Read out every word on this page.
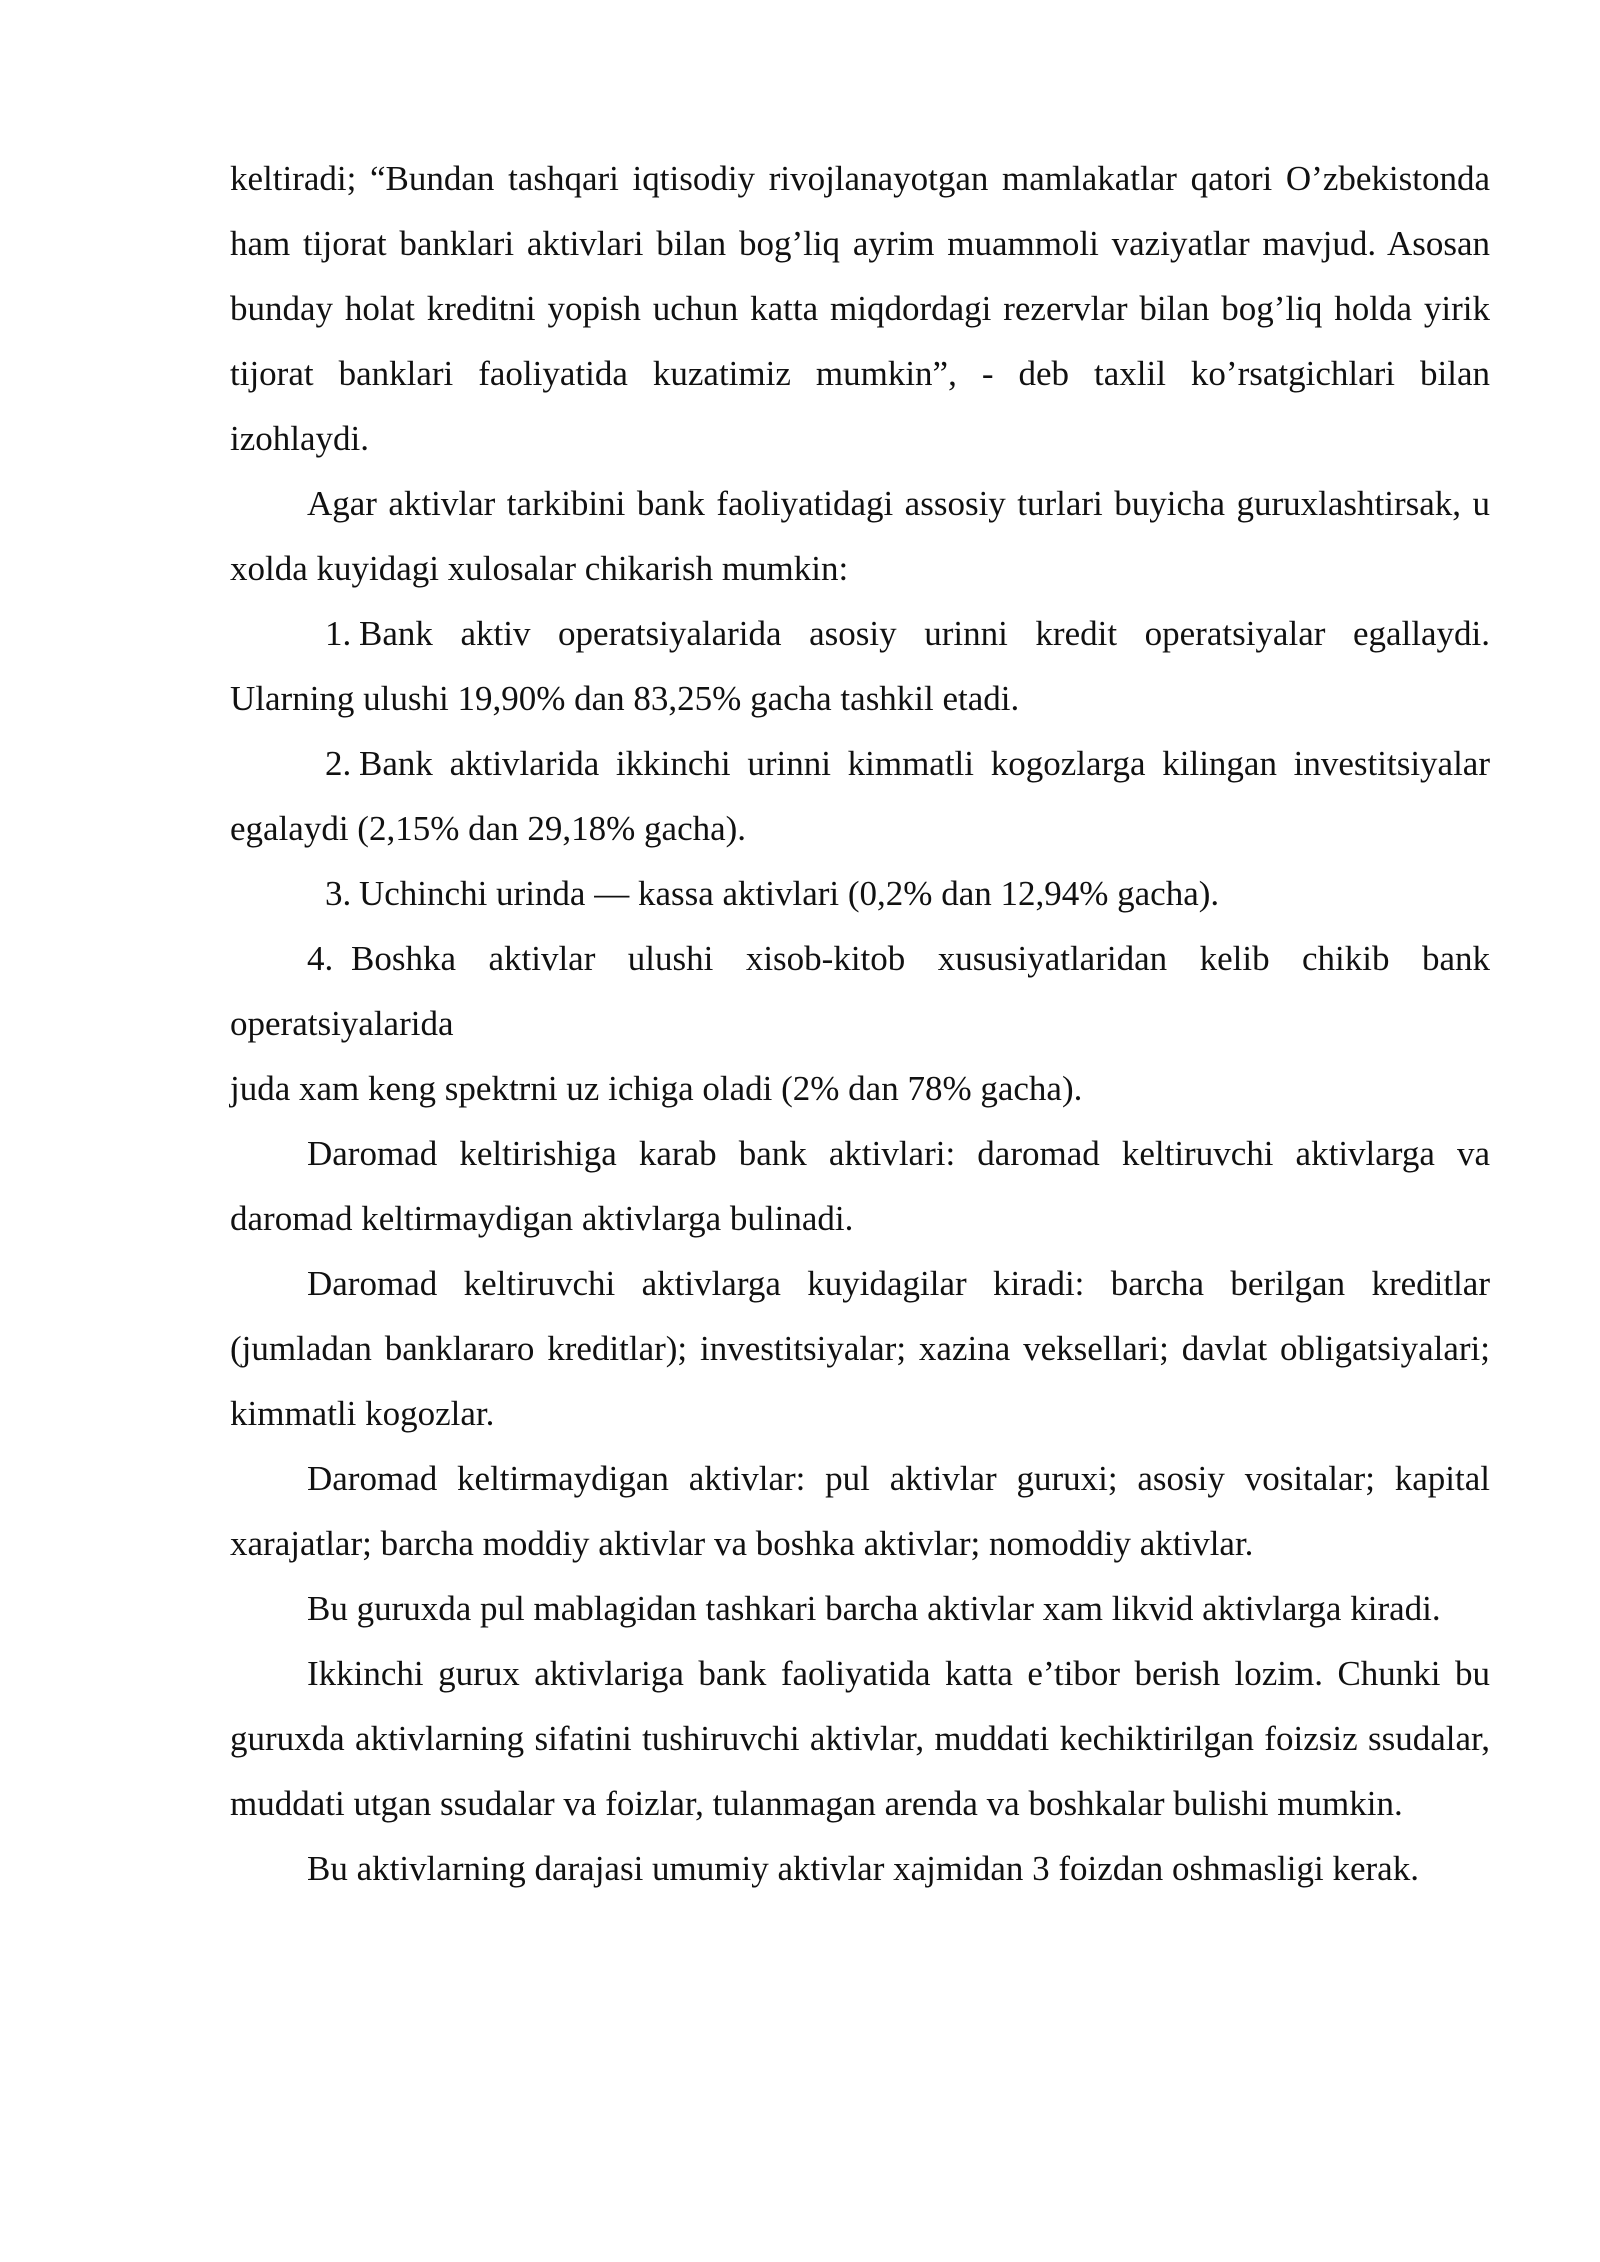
keltiradi; “Bundan tashqari iqtisodiy rivojlanayotgan mamlakatlar qatori O’zbekistonda ham tijorat banklari aktivlari bilan bog’liq ayrim muammoli vaziyatlar mavjud. Asosan bunday holat kreditni yopish uchun katta miqdordagi rezervlar bilan bog’liq holda yirik tijorat banklari faoliyatida kuzatimiz mumkin”, - deb taxlil ko’rsatgichlari bilan izohlaydi.

Agar aktivlar tarkibini bank faoliyatidagi assosiy turlari buyicha guruxlashtirsak, u xolda kuyidagi xulosalar chikarish mumkin:

1. Bank aktiv operatsiyalarida asosiy urinni kredit operatsiyalar egallaydi. Ularning ulushi 19,90% dan 83,25% gacha tashkil etadi.

2. Bank aktivlarida ikkinchi urinni kimmatli kogozlarga kilingan investitsiyalar egalaydi (2,15% dan 29,18% gacha).

3. Uchinchi urinda — kassa aktivlari (0,2% dan 12,94% gacha).

4. Boshka aktivlar ulushi xisob-kitob xususiyatlaridan kelib chikib bank operatsiyalarida

juda xam keng spektrni uz ichiga oladi (2% dan 78% gacha).

Daromad keltirishiga karab bank aktivlari: daromad keltiruvchi aktivlarga va daromad keltirmaydigan aktivlarga bulinadi.

Daromad keltiruvchi aktivlarga kuyidagilar kiradi: barcha berilgan kreditlar (jumladan banklararo kreditlar); investitsiyalar; xazina veksellari; davlat obligatsiyalari; kimmatli kogozlar.

Daromad keltirmaydigan aktivlar: pul aktivlar guruxi; asosiy vositalar; kapital xarajatlar; barcha moddiy aktivlar va boshka aktivlar; nomoddiy aktivlar.

Bu guruxda pul mablagidan tashkari barcha aktivlar xam likvid aktivlarga kiradi.

Ikkinchi gurux aktivlariga bank faoliyatida katta e’tibor berish lozim. Chunki bu guruxda aktivlarning sifatini tushiruvchi aktivlar, muddati kechiktirilgan foizsiz ssudalar, muddati utgan ssudalar va foizlar, tulanmagan arenda va boshkalar bulishi mumkin.

Bu aktivlarning darajasi umumiy aktivlar xajmidan 3 foizdan oshmasligi kerak.
